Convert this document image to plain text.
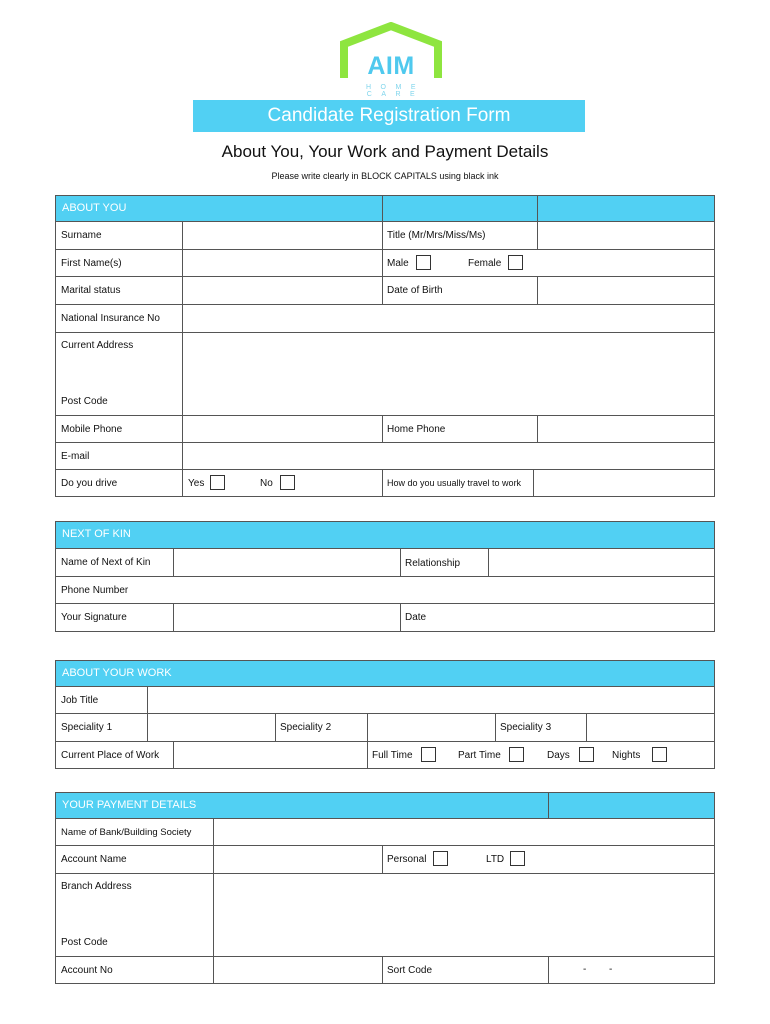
AIM
HOME CARE
Candidate Registration Form
About You, Your Work and Payment Details
Please write clearly in BLOCK CAPITALS using black ink
ABOUT YOU
Surname	Title (Mr/Mrs/Miss/Ms)
First Name(s)	Male	Female
Marital status	Date of Birth
National Insurance No
Current Address
Post Code
Mobile Phone	Home Phone
E-mail
Do you drive	Yes	No	How do you usually travel to work
NEXT OF KIN
Name of Next of Kin	Relationship
Phone Number
Your Signature	Date
ABOUT YOUR WORK
Job Title
Speciality 1	Speciality 2	Speciality 3
Current Place of Work	Full Time	Part Time	Days	Nights
YOUR PAYMENT DETAILS
Name of Bank/Building Society
Account Name	Personal	LTD
Branch Address
Post Code
Account No	Sort Code	- -
